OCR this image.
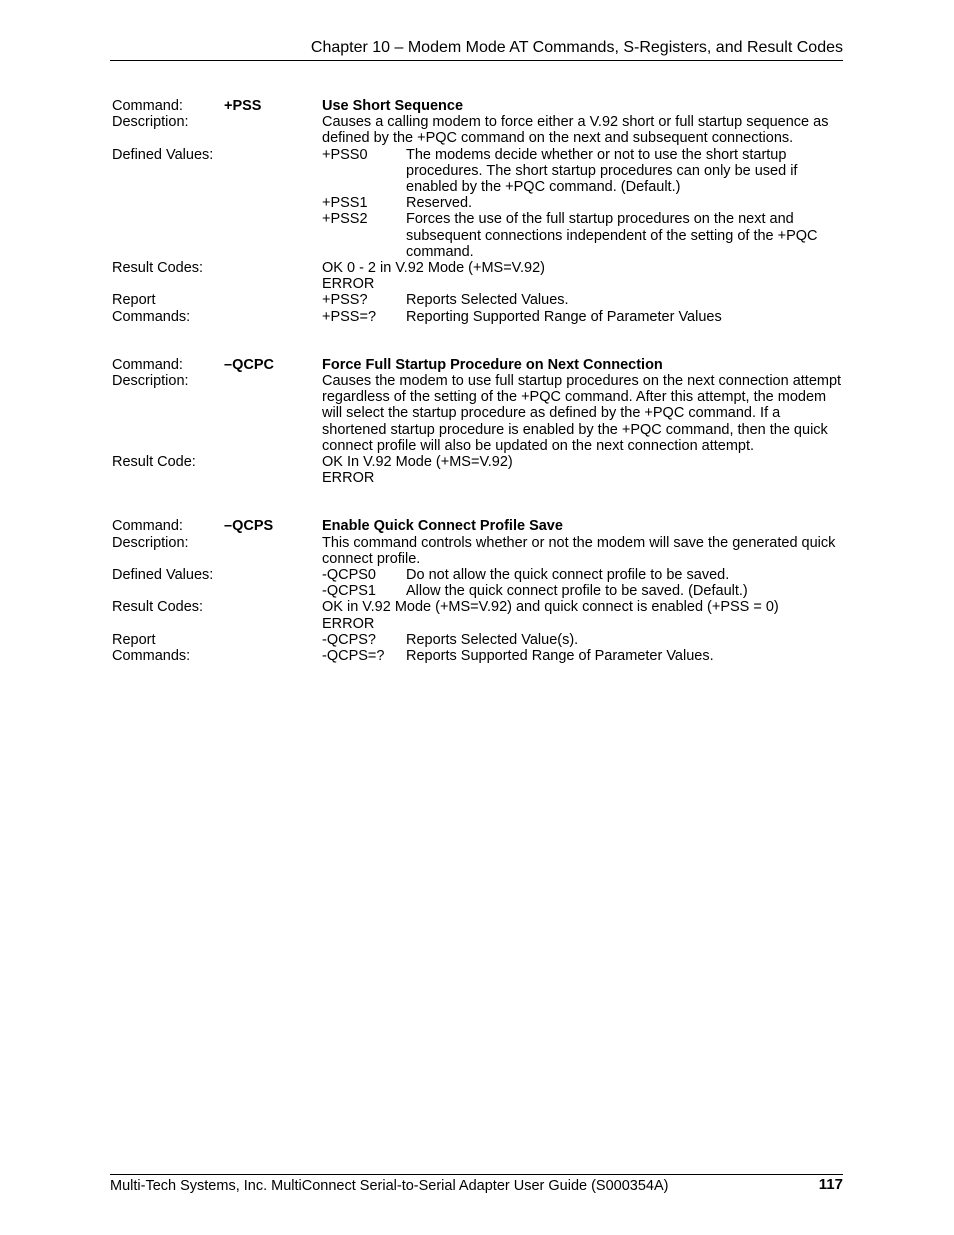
Chapter 10 – Modem Mode AT Commands, S-Registers, and Result Codes
Command:	+PSS	Use Short Sequence
Description:	Causes a calling modem to force either a V.92 short or full startup sequence as defined by the +PQC command on the next and subsequent connections.
Defined Values:	+PSS0	The modems decide whether or not to use the short startup procedures. The short startup procedures can only be used if enabled by the +PQC command. (Default.)
+PSS1	Reserved.
+PSS2	Forces the use of the full startup procedures on the next and subsequent connections independent of the setting of the +PQC command.
Result Codes:	OK 0 - 2 in V.92 Mode (+MS=V.92)
ERROR
Report Commands:
+PSS?	Reports Selected Values.
+PSS=?	Reporting Supported Range of Parameter Values
Command:	–QCPC	Force Full Startup Procedure on Next Connection
Description:	Causes the modem to use full startup procedures on the next connection attempt regardless of the setting of the +PQC command. After this attempt, the modem will select the startup procedure as defined by the +PQC command. If a shortened startup procedure is enabled by the +PQC command, then the quick connect profile will also be updated on the next connection attempt.
Result Code:	OK In V.92 Mode (+MS=V.92)
ERROR
Command:	–QCPS	Enable Quick Connect Profile Save
Description:	This command controls whether or not the modem will save the generated quick connect profile.
Defined Values:	-QCPS0	Do not allow the quick connect profile to be saved.
-QCPS1	Allow the quick connect profile to be saved. (Default.)
Result Codes:	OK in V.92 Mode (+MS=V.92) and quick connect is enabled (+PSS = 0)
ERROR
Report Commands:
-QCPS?	Reports Selected Value(s).
-QCPS=?	Reports Supported Range of Parameter Values.
Multi-Tech Systems, Inc. MultiConnect Serial-to-Serial Adapter User Guide (S000354A)	117
